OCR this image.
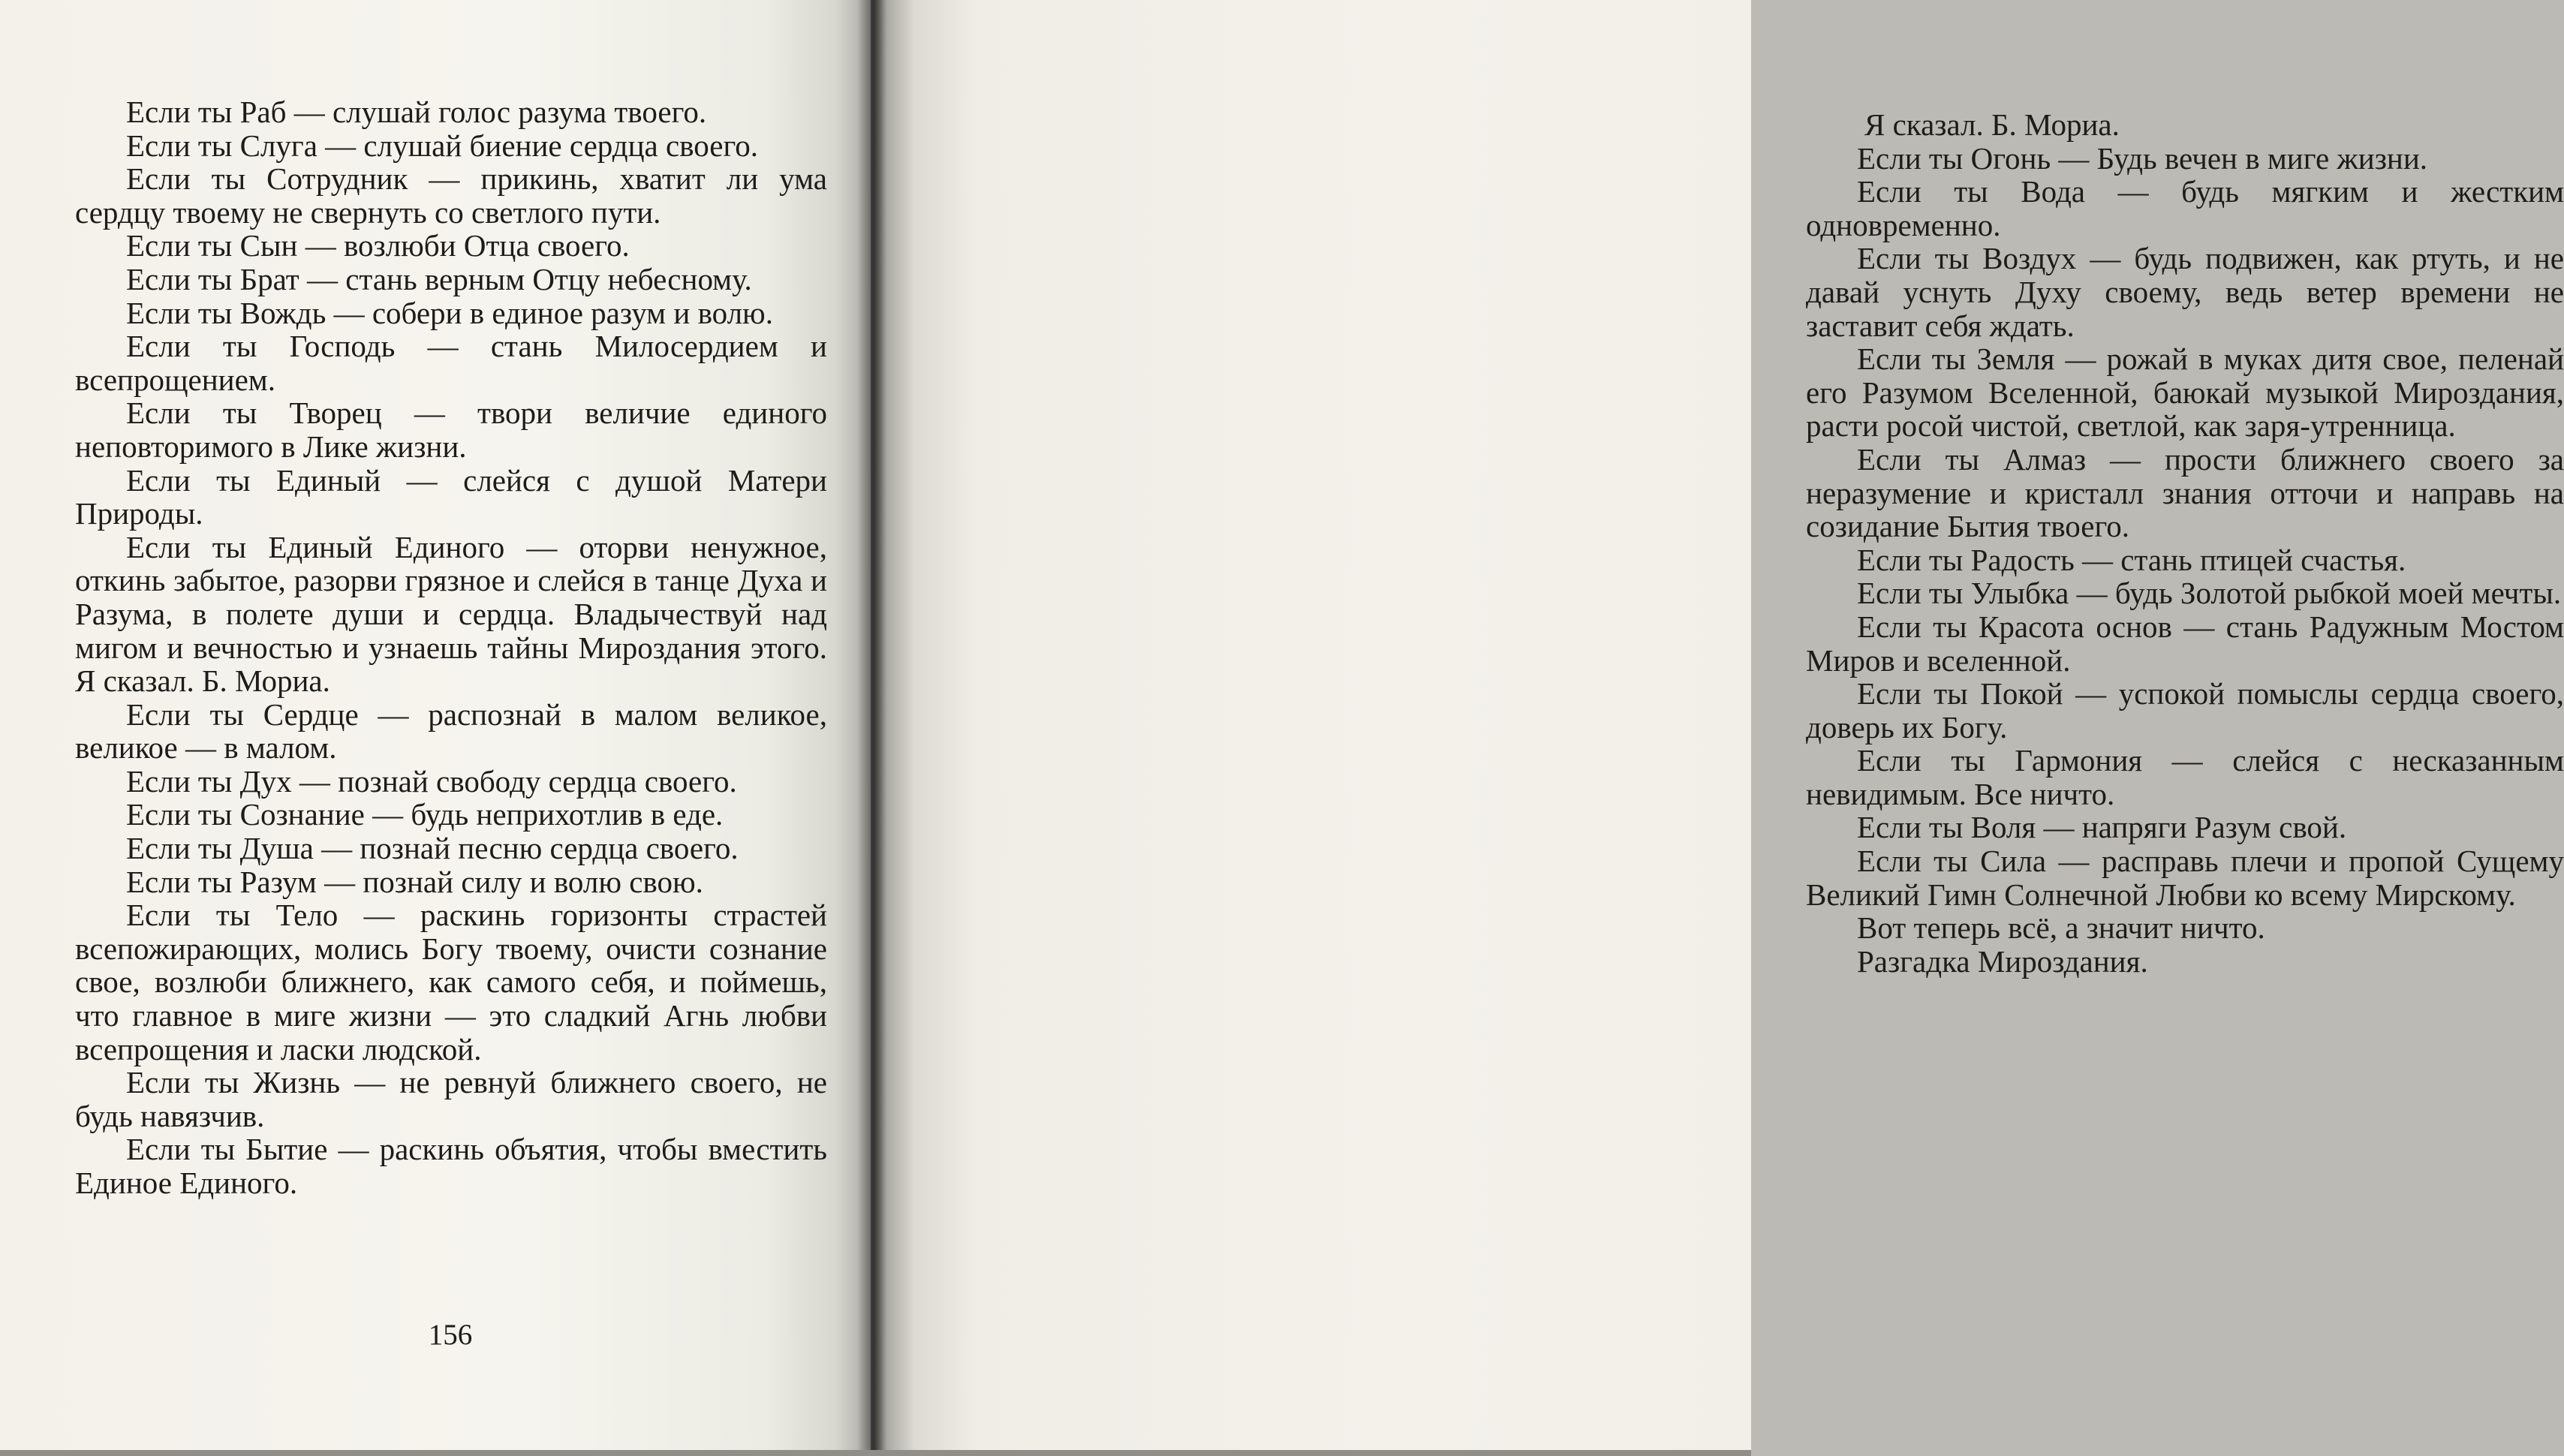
Если ты Раб — слушай голос разума твоего.

Если ты Слуга — слушай биение сердца своего.

Если ты Сотрудник — прикинь, хватит ли ума сердцу твоему не свернуть со светлого пути.

Если ты Сын — возлюби Отца своего.

Если ты Брат — стань верным Отцу небесному.

Если ты Вождь — собери в единое разум и волю.

Если ты Господь — стань Милосердием и всепрощением.

Если ты Творец — твори величие единого неповторимого в Лике жизни.

Если ты Единый — слейся с душой Матери Природы.

Если ты Единый Единого — оторви ненужное, откинь забытое, разорви грязное и слейся в танце Духа и Разума, в полете души и сердца. Владычествуй над мигом и вечностью и узнаешь тайны Мироздания этого. Я сказал. Б. Мориа.

Если ты Сердце — распознай в малом великое, великое — в малом.

Если ты Дух — познай свободу сердца своего.

Если ты Сознание — будь неприхотлив в еде.

Если ты Душа — познай песню сердца своего.

Если ты Разум — познай силу и волю свою.

Если ты Тело — раскинь горизонты страстей всепожирающих, молись Богу твоему, очисти сознание свое, возлюби ближнего, как самого себя, и поймешь, что главное в миге жизни — это сладкий Агнь любви всепрощения и ласки людской.

Если ты Жизнь — не ревнуй ближнего своего, не будь навязчив.

Если ты Бытие — раскинь объятия, чтобы вместить Единое Единого.

156

Я сказал. Б. Мориа.

Если ты Огонь — Будь вечен в миге жизни.

Если ты Вода — будь мягким и жестким одновременно.

Если ты Воздух — будь подвижен, как ртуть, и не давай уснуть Духу своему, ведь ветер времени не заставит себя ждать.

Если ты Земля — рожай в муках дитя свое, пеленай его Разумом Вселенной, баюкай музыкой Мироздания, расти росой чистой, светлой, как заря-утренница.

Если ты Алмаз — прости ближнего своего за неразумение и кристалл знания отточи и направь на созидание Бытия твоего.

Если ты Радость — стань птицей счастья.

Если ты Улыбка — будь Золотой рыбкой моей мечты.

Если ты Красота основ — стань Радужным Мостом Миров и вселенной.

Если ты Покой — успокой помыслы сердца своего, доверь их Богу.

Если ты Гармония — слейся с несказанным невидимым. Все ничто.

Если ты Воля — напряги Разум свой.

Если ты Сила — расправь плечи и пропой Сущему Великий Гимн Солнечной Любви ко всему Мирскому.

Вот теперь всё, а значит ничто.

Разгадка Мироздания.
